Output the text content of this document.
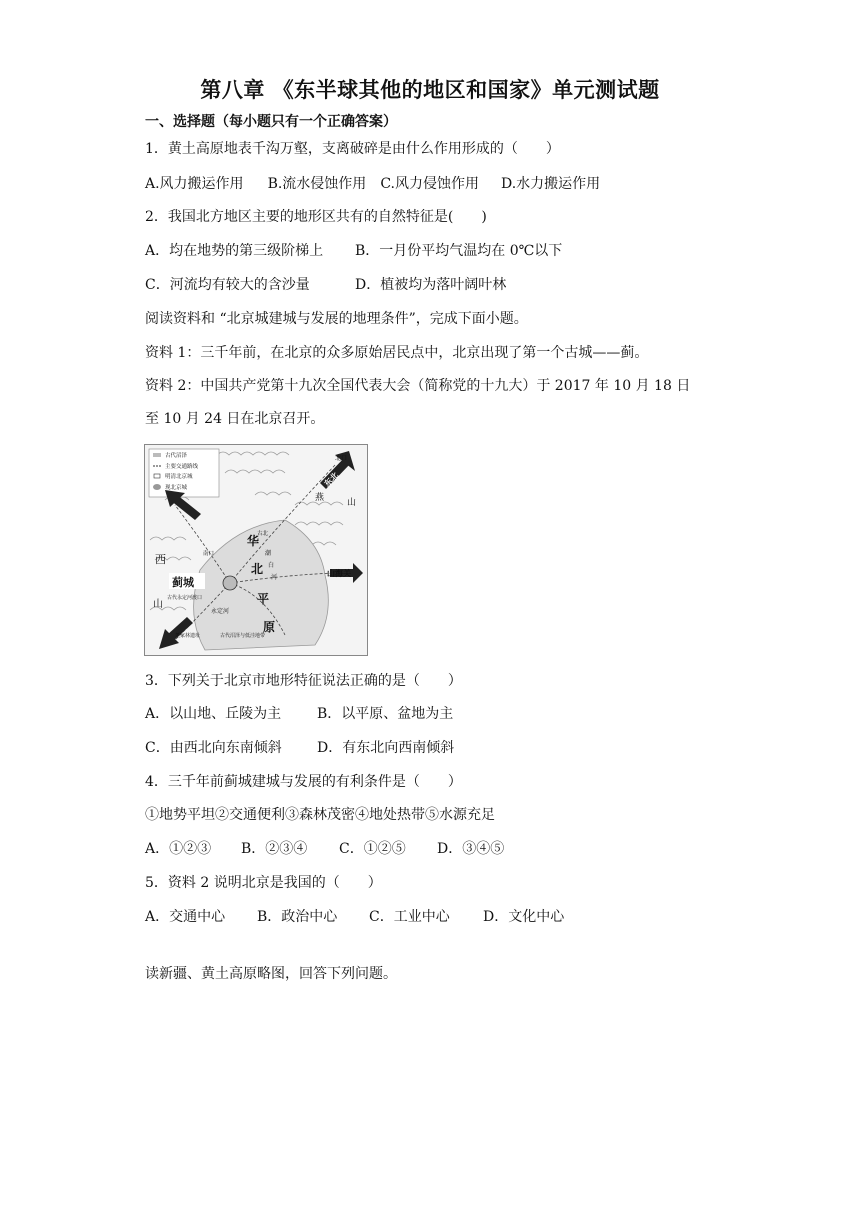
第八章 《东半球其他的地区和国家》单元测试题
一、选择题（每小题只有一个正确答案）
1．黄土高原地表千沟万壑，支离破碎是由什么作用形成的（　　）
A.风力搬运作用 B.流水侵蚀作用 C.风力侵蚀作用 D.水力搬运作用
2．我国北方地区主要的地形区共有的自然特征是(　　)
A．均在地势的第三级阶梯上 B．一月份平均气温均在 0℃以下
C．河流均有较大的含沙量	D．植被均为落叶阔叶林
阅读资料和 “北京城建城与发展的地理条件”，完成下面小题。
资料 1：三千年前，在北京的众多原始居民点中，北京出现了第一个古城——蓟。
资料 2：中国共产党第十九次全国代表大会（简称党的十九大）于 2017 年 10 月 18 日
至 10 月 24 日在北京召开。
古代沼泽
主要交通路线
明清北京城
现北京城
西
山
蓟城
华
北
平
原
燕	山
东北
北口
山海关
南口
古北
潮
白
河
古代永定河渡口
永定河
董家林遗址	古代沼泽与低洼地带
3．下列关于北京市地形特征说法正确的是（　　）
A．以山地、丘陵为主	B．以平原、盆地为主
C．由西北向东南倾斜	D．有东北向西南倾斜
4．三千年前蓟城建城与发展的有利条件是（　　）
①地势平坦②交通便利③森林茂密④地处热带⑤水源充足
A．①②③ B．②③④ C．①②⑤ D．③④⑤
5．资料 2 说明北京是我国的（　　）
A．交通中心 B．政治中心 C．工业中心 D．文化中心
读新疆、黄土高原略图，回答下列问题。
